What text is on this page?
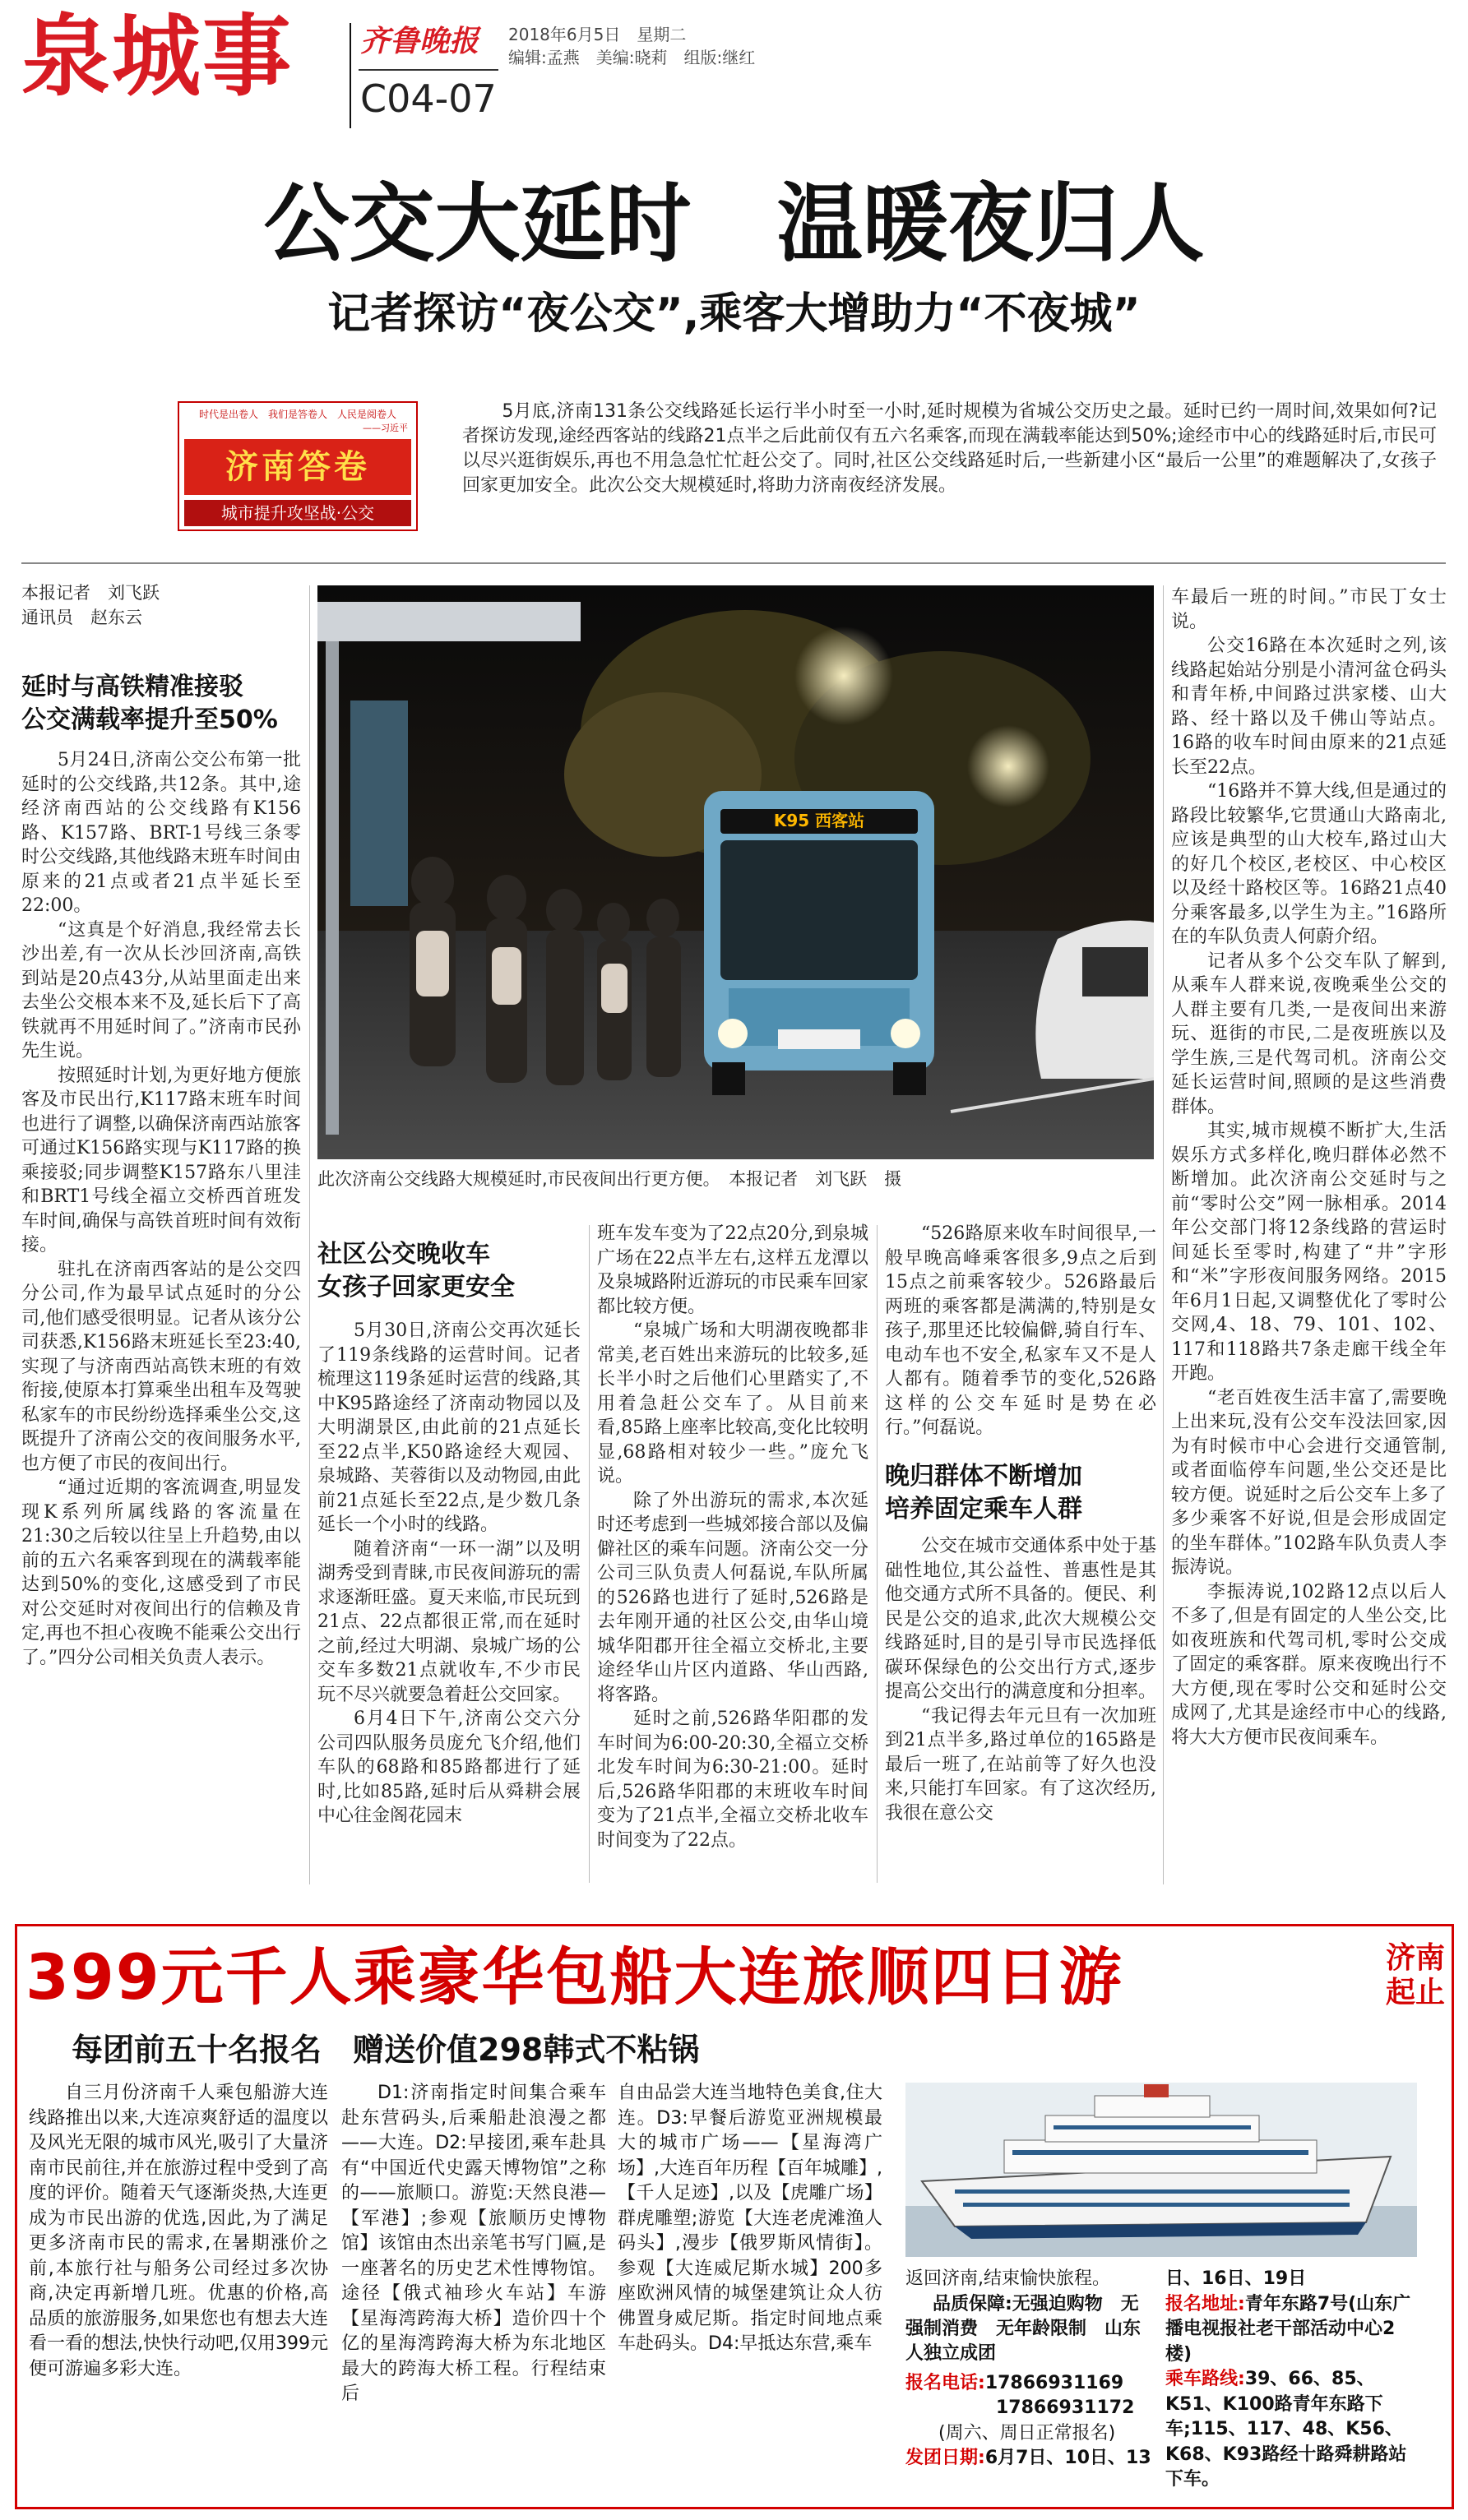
泉城事 齐鲁晚报 2018年6月5日　星期二
编辑:孟燕　美编:晓莉　组版:继红
C04-07
公交大延时　温暖夜归人
记者探访“夜公交”,乘客大增助力“不夜城”
时代是出卷人　我们是答卷人　人民是阅卷人
——习近平
济南答卷
城市提升攻坚战·公交
5月底,济南131条公交线路延长运行半小时至一小时,延时规模为省城公交历史之最。延时已约一周时间,效果如何?记者探访发现,途经西客站的线路21点半之后此前仅有五六名乘客,而现在满载率能达到50%;途经市中心的线路延时后,市民可以尽兴逛街娱乐,再也不用急急忙忙赶公交了。同时,社区公交线路延时后,一些新建小区“最后一公里”的难题解决了,女孩子回家更加安全。此次公交大规模延时,将助力济南夜经济发展。
本报记者　刘飞跃
通讯员　赵东云
延时与高铁精准接驳
公交满载率提升至50%

5月24日,济南公交公布第一批延时的公交线路,共12条。其中,途经济南西站的公交线路有K156路、K157路、BRT-1号线三条零时公交线路,其他线路末班车时间由原来的21点或者21点半延长至22:00。

“这真是个好消息,我经常去长沙出差,有一次从长沙回济南,高铁到站是20点43分,从站里面走出来去坐公交根本来不及,延长后下了高铁就再不用延时间了。”济南市民孙先生说。

按照延时计划,为更好地方便旅客及市民出行,K117路末班车时间也进行了调整,以确保济南西站旅客可通过K156路实现与K117路的换乘接驳;同步调整K157路东八里洼和BRT1号线全福立交桥西首班发车时间,确保与高铁首班时间有效衔接。

驻扎在济南西客站的是公交四分公司,作为最早试点延时的分公司,他们感受很明显。记者从该分公司获悉,K156路末班延长至23:40,实现了与济南西站高铁末班的有效衔接,使原本打算乘坐出租车及驾驶私家车的市民纷纷选择乘坐公交,这既提升了济南公交的夜间服务水平,也方便了市民的夜间出行。

“通过近期的客流调查,明显发现K系列所属线路的客流量在21:30之后较以往呈上升趋势,由以前的五六名乘客到现在的满载率能达到50%的变化,这感受到了市民对公交延时对夜间出行的信赖及肯定,再也不担心夜晚不能乘公交出行了。”四分公司相关负责人表示。

K95 西客站
此次济南公交线路大规模延时,市民夜间出行更方便。　本报记者　刘飞跃　摄
社区公交晚收车
女孩子回家更安全

5月30日,济南公交再次延长了119条线路的运营时间。记者梳理这119条延时运营的线路,其中K95路途经了济南动物园以及大明湖景区,由此前的21点延长至22点半,K50路途经大观园、泉城路、芙蓉街以及动物园,由此前21点延长至22点,是少数几条延长一个小时的线路。

随着济南“一环一湖”以及明湖秀受到青睐,市民夜间游玩的需求逐渐旺盛。夏天来临,市民玩到21点、22点都很正常,而在延时之前,经过大明湖、泉城广场的公交车多数21点就收车,不少市民玩不尽兴就要急着赶公交回家。

6月4日下午,济南公交六分公司四队服务员庞允飞介绍,他们车队的68路和85路都进行了延时,比如85路,延时后从舜耕会展中心往金阁花园末

班车发车变为了22点20分,到泉城广场在22点半左右,这样五龙潭以及泉城路附近游玩的市民乘车回家都比较方便。

“泉城广场和大明湖夜晚都非常美,老百姓出来游玩的比较多,延长半小时之后他们心里踏实了,不用着急赶公交车了。从目前来看,85路上座率比较高,变化比较明显,68路相对较少一些。”庞允飞说。

除了外出游玩的需求,本次延时还考虑到一些城郊接合部以及偏僻社区的乘车问题。济南公交一分公司三队负责人何磊说,车队所属的526路也进行了延时,526路是去年刚开通的社区公交,由华山境城华阳郡开往全福立交桥北,主要途经华山片区内道路、华山西路,将客路。

延时之前,526路华阳郡的发车时间为6:00-20:30,全福立交桥北发车时间为6:30-21:00。延时后,526路华阳郡的末班收车时间变为了21点半,全福立交桥北收车时间变为了22点。

“526路原来收车时间很早,一般早晚高峰乘客很多,9点之后到15点之前乘客较少。526路最后两班的乘客都是满满的,特别是女孩子,那里还比较偏僻,骑自行车、电动车也不安全,私家车又不是人人都有。随着季节的变化,526路这样的公交车延时是势在必行。”何磊说。

晚归群体不断增加
培养固定乘车人群

公交在城市交通体系中处于基础性地位,其公益性、普惠性是其他交通方式所不具备的。便民、利民是公交的追求,此次大规模公交线路延时,目的是引导市民选择低碳环保绿色的公交出行方式,逐步提高公交出行的满意度和分担率。

“我记得去年元旦有一次加班到21点半多,路过单位的165路是最后一班了,在站前等了好久也没来,只能打车回家。有了这次经历,我很在意公交

车最后一班的时间。”市民丁女士说。

公交16路在本次延时之列,该线路起始站分别是小清河盆仓码头和青年桥,中间路过洪家楼、山大路、经十路以及千佛山等站点。16路的收车时间由原来的21点延长至22点。

“16路并不算大线,但是通过的路段比较繁华,它贯通山大路南北,应该是典型的山大校车,路过山大的好几个校区,老校区、中心校区以及经十路校区等。16路21点40分乘客最多,以学生为主。”16路所在的车队负责人何蔚介绍。

记者从多个公交车队了解到,从乘车人群来说,夜晚乘坐公交的人群主要有几类,一是夜间出来游玩、逛街的市民,二是夜班族以及学生族,三是代驾司机。济南公交延长运营时间,照顾的是这些消费群体。

其实,城市规模不断扩大,生活娱乐方式多样化,晚归群体必然不断增加。此次济南公交延时与之前“零时公交”网一脉相承。2014年公交部门将12条线路的营运时间延长至零时,构建了“井”字形和“米”字形夜间服务网络。2015年6月1日起,又调整优化了零时公交网,4、18、79、101、102、117和118路共7条走廊干线全年开跑。

“老百姓夜生活丰富了,需要晚上出来玩,没有公交车没法回家,因为有时候市中心会进行交通管制,或者面临停车问题,坐公交还是比较方便。说延时之后公交车上多了多少乘客不好说,但是会形成固定的坐车群体。”102路车队负责人李振涛说。

李振涛说,102路12点以后人不多了,但是有固定的人坐公交,比如夜班族和代驾司机,零时公交成了固定的乘客群。原来夜晚出行不大方便,现在零时公交和延时公交成网了,尤其是途经市中心的线路,将大大方便市民夜间乘车。

399元千人乘豪华包船大连旅顺四日游	济南
起止
每团前五十名报名　赠送价值298韩式不粘锅
自三月份济南千人乘包船游大连线路推出以来,大连凉爽舒适的温度以及风光无限的城市风光,吸引了大量济南市民前往,并在旅游过程中受到了高度的评价。随着天气逐渐炎热,大连更成为市民出游的优选,因此,为了满足更多济南市民的需求,在暑期涨价之前,本旅行社与船务公司经过多次协商,决定再新增几班。优惠的价格,高品质的旅游服务,如果您也有想去大连看一看的想法,快快行动吧,仅用399元便可游遍多彩大连。
D1:济南指定时间集合乘车赴东营码头,后乘船赴浪漫之都——大连。D2:早接团,乘车赴具有“中国近代史露天博物馆”之称的——旅顺口。游览:天然良港—【军港】;参观【旅顺历史博物馆】该馆由杰出亲笔书写门匾,是一座著名的历史艺术性博物馆。途径【俄式袖珍火车站】车游【星海湾跨海大桥】造价四十个亿的星海湾跨海大桥为东北地区最大的跨海大桥工程。行程结束后
自由品尝大连当地特色美食,住大连。D3:早餐后游览亚洲规模最大的城市广场——【星海湾广场】,大连百年历程【百年城雕】,【千人足迹】,以及【虎雕广场】群虎雕塑;游览【大连老虎滩渔人码头】,漫步【俄罗斯风情街】。参观【大连威尼斯水城】200多座欧洲风情的城堡建筑让众人彷佛置身威尼斯。指定时间地点乘车赴码头。D4:早抵达东营,乘车
返回济南,结束愉快旅程。
品质保障:无强迫购物　无强制消费　无年龄限制　山东人独立成团
报名电话:17866931169
17866931172
(周六、周日正常报名)
发团日期:6月7日、10日、13
日、16日、19日
报名地址:青年东路7号(山东广播电视报社老干部活动中心2楼)
乘车路线:39、66、85、K51、K100路青年东路下车;115、117、48、K56、K68、K93路经十路舜耕路站下车。
